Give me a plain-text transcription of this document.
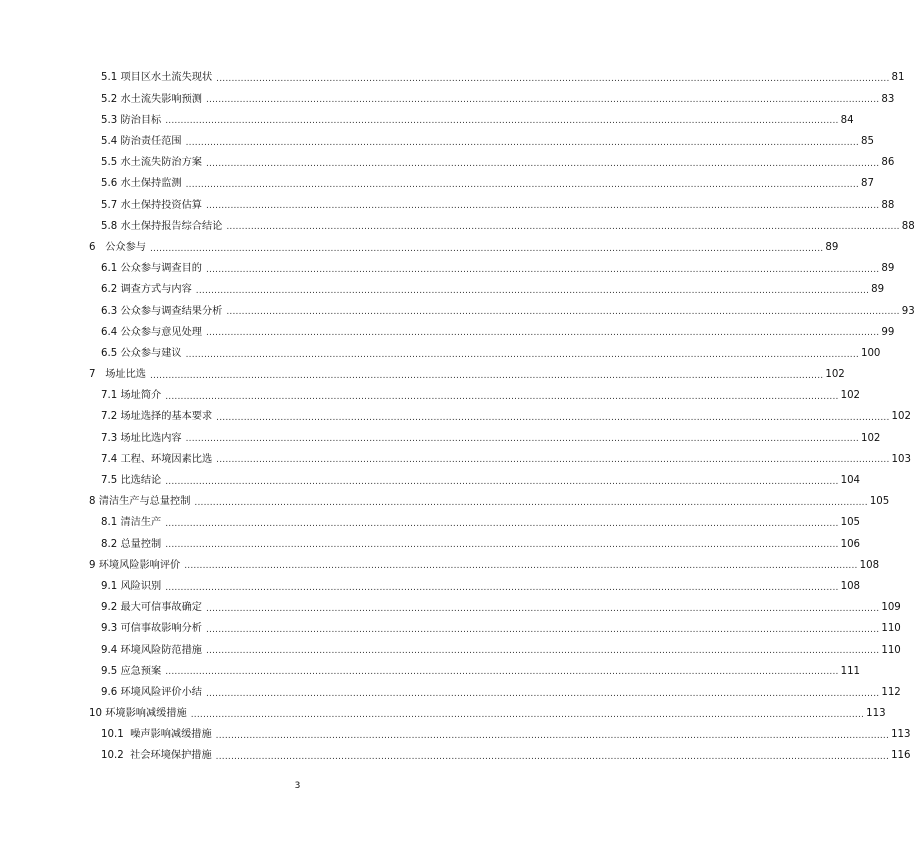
5.1 项目区水土流失现状 ............................................................................................................................................................................................................................ 81
5.2 水土流失影响预测 ............................................................................................................................................................................................................................ 83
5.3 防治目标 ............................................................................................................................................................................................................................ 84
5.4 防治责任范围 ............................................................................................................................................................................................................................ 85
5.5 水土流失防治方案 ............................................................................................................................................................................................................................ 86
5.6 水土保持监测 ............................................................................................................................................................................................................................ 87
5.7 水土保持投资估算 ............................................................................................................................................................................................................................ 88
5.8 水土保持报告综合结论 ............................................................................................................................................................................................................................ 88
6 公众参与 ............................................................................................................................................................................................................................ 89
6.1 公众参与调查目的 ............................................................................................................................................................................................................................ 89
6.2 调查方式与内容 ............................................................................................................................................................................................................................ 89
6.3 公众参与调查结果分析 ............................................................................................................................................................................................................................ 93
6.4 公众参与意见处理 ............................................................................................................................................................................................................................ 99
6.5 公众参与建议 ............................................................................................................................................................................................................................ 100
7 场址比选 ............................................................................................................................................................................................................................ 102
7.1 场址简介 ............................................................................................................................................................................................................................ 102
7.2 场址选择的基本要求 ............................................................................................................................................................................................................................ 102
7.3 场址比选内容 ............................................................................................................................................................................................................................ 102
7.4 工程、环境因素比选 ............................................................................................................................................................................................................................ 103
7.5 比选结论 ............................................................................................................................................................................................................................ 104
8 清洁生产与总量控制 ............................................................................................................................................................................................................................ 105
8.1 清洁生产 ............................................................................................................................................................................................................................ 105
8.2 总量控制 ............................................................................................................................................................................................................................ 106
9 环境风险影响评价 ............................................................................................................................................................................................................................ 108
9.1 风险识别 ............................................................................................................................................................................................................................ 108
9.2 最大可信事故确定 ............................................................................................................................................................................................................................ 109
9.3 可信事故影响分析 ............................................................................................................................................................................................................................ 110
9.4 环境风险防范措施 ............................................................................................................................................................................................................................ 110
9.5 应急预案 ............................................................................................................................................................................................................................ 111
9.6 环境风险评价小结 ............................................................................................................................................................................................................................ 112
10 环境影响减缓措施 ............................................................................................................................................................................................................................ 113
10.1 噪声影响减缓措施 ............................................................................................................................................................................................................................ 113
10.2 社会环境保护措施 ............................................................................................................................................................................................................................ 116
3
